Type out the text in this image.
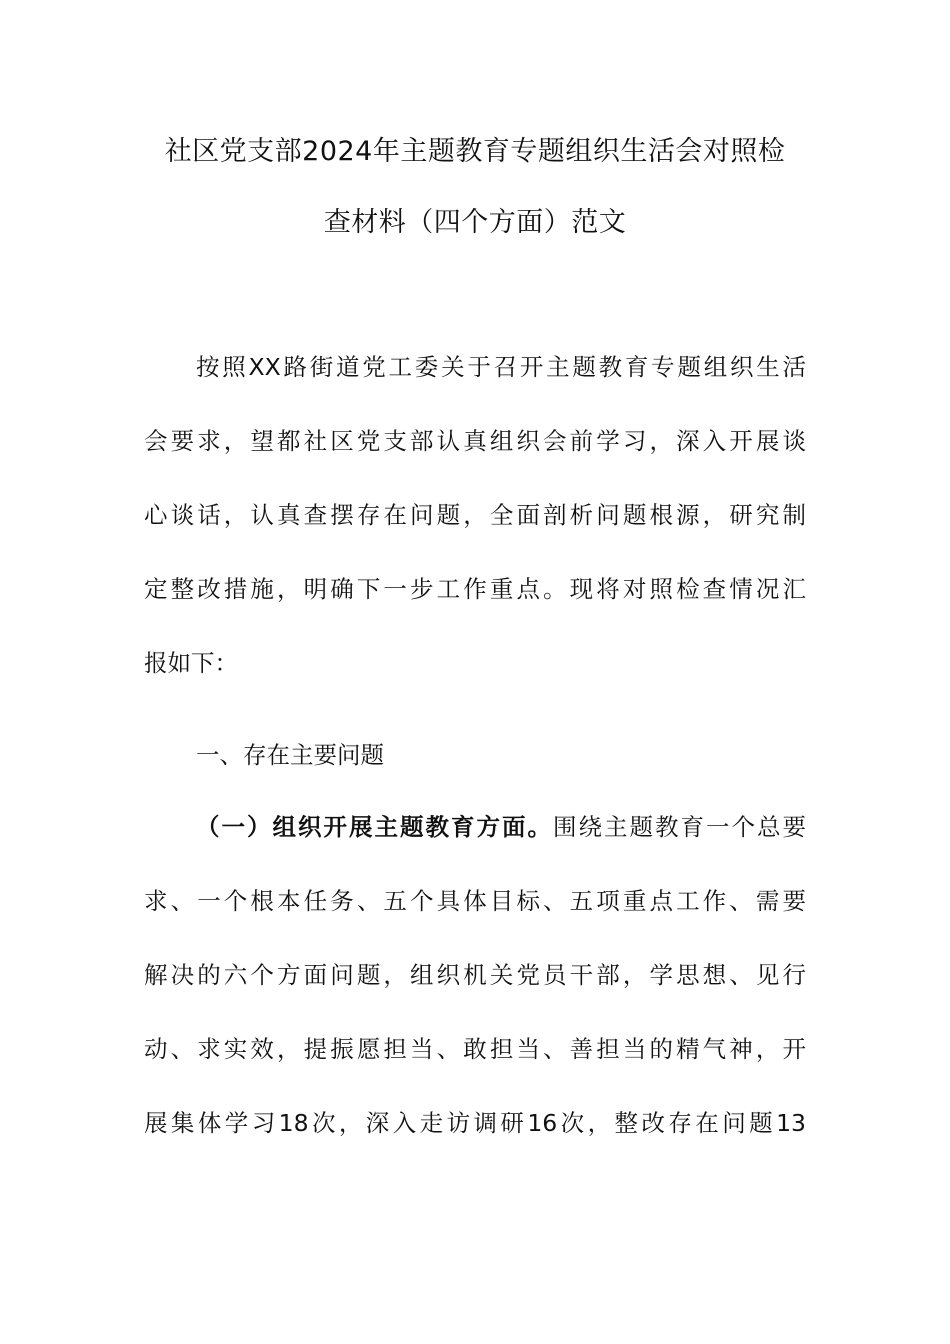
社区党支部2024年主题教育专题组织生活会对照检
查材料（四个方面）范文
按照XX路街道党工委关于召开主题教育专题组织生活
会要求，望都社区党支部认真组织会前学习，深入开展谈
心谈话，认真查摆存在问题，全面剖析问题根源，研究制
定整改措施，明确下一步工作重点。现将对照检查情况汇
报如下：
一、存在主要问题
（一）组织开展主题教育方面。围绕主题教育一个总要
求、一个根本任务、五个具体目标、五项重点工作、需要
解决的六个方面问题，组织机关党员干部，学思想、见行
动、求实效，提振愿担当、敢担当、善担当的精气神，开
展集体学习18次，深入走访调研16次，整改存在问题13
